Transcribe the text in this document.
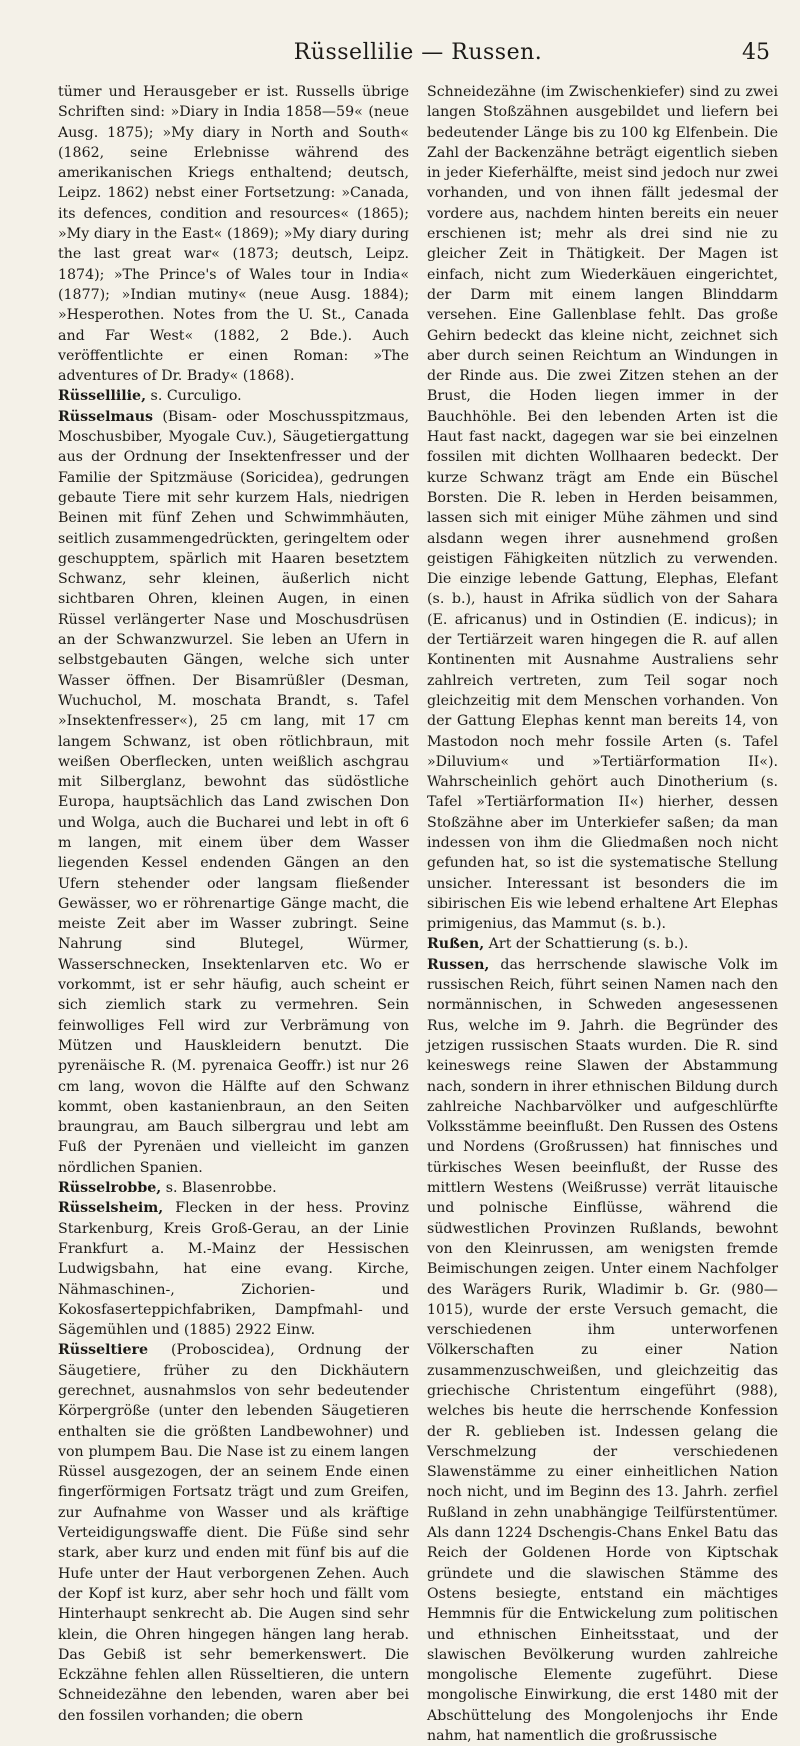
Rüssellilie — Russen.	45

tümer und Herausgeber er ist. Russells übrige Schriften sind: »Diary in India 1858—59« (neue Ausg. 1875); »My diary in North and South« (1862, seine Erlebnisse während des amerikanischen Kriegs enthaltend; deutsch, Leipz. 1862) nebst einer Fortsetzung: »Canada, its defences, condition and resources« (1865); »My diary in the East« (1869); »My diary during the last great war« (1873; deutsch, Leipz. 1874); »The Prince's of Wales tour in India« (1877); »Indian mutiny« (neue Ausg. 1884); »Hesperothen. Notes from the U. St., Canada and Far West« (1882, 2 Bde.). Auch veröffentlichte er einen Roman: »The adventures of Dr. Brady« (1868).

Rüssellilie, s. Curculigo.

Rüsselmaus (Bisam- oder Moschusspitzmaus, Moschusbiber, Myogale Cuv.), Säugetiergattung aus der Ordnung der Insektenfresser und der Familie der Spitzmäuse (Soricidea), gedrungen gebaute Tiere mit sehr kurzem Hals, niedrigen Beinen mit fünf Zehen und Schwimmhäuten, seitlich zusammengedrückten, geringeltem oder geschupptem, spärlich mit Haaren besetztem Schwanz, sehr kleinen, äußerlich nicht sichtbaren Ohren, kleinen Augen, in einen Rüssel verlängerter Nase und Moschusdrüsen an der Schwanzwurzel. Sie leben an Ufern in selbstgebauten Gängen, welche sich unter Wasser öffnen. Der Bisamrüßler (Desman, Wuchuchol, M. moschata Brandt, s. Tafel »Insektenfresser«), 25 cm lang, mit 17 cm langem Schwanz, ist oben rötlichbraun, mit weißen Oberflecken, unten weißlich aschgrau mit Silberglanz, bewohnt das südöstliche Europa, hauptsächlich das Land zwischen Don und Wolga, auch die Bucharei und lebt in oft 6 m langen, mit einem über dem Wasser liegenden Kessel endenden Gängen an den Ufern stehender oder langsam fließender Gewässer, wo er röhrenartige Gänge macht, die meiste Zeit aber im Wasser zubringt. Seine Nahrung sind Blutegel, Würmer, Wasserschnecken, Insektenlarven etc. Wo er vorkommt, ist er sehr häufig, auch scheint er sich ziemlich stark zu vermehren. Sein feinwolliges Fell wird zur Verbrämung von Mützen und Hauskleidern benutzt. Die pyrenäische R. (M. pyrenaica Geoffr.) ist nur 26 cm lang, wovon die Hälfte auf den Schwanz kommt, oben kastanienbraun, an den Seiten braungrau, am Bauch silbergrau und lebt am Fuß der Pyrenäen und vielleicht im ganzen nördlichen Spanien.

Rüsselrobbe, s. Blasenrobbe.

Rüsselsheim, Flecken in der hess. Provinz Starkenburg, Kreis Groß-Gerau, an der Linie Frankfurt a. M.-Mainz der Hessischen Ludwigsbahn, hat eine evang. Kirche, Nähmaschinen-, Zichorien- und Kokosfaserteppichfabriken, Dampfmahl- und Sägemühlen und (1885) 2922 Einw.

Rüsseltiere (Proboscidea), Ordnung der Säugetiere, früher zu den Dickhäutern gerechnet, ausnahmslos von sehr bedeutender Körpergröße (unter den lebenden Säugetieren enthalten sie die größten Landbewohner) und von plumpem Bau. Die Nase ist zu einem langen Rüssel ausgezogen, der an seinem Ende einen fingerförmigen Fortsatz trägt und zum Greifen, zur Aufnahme von Wasser und als kräftige Verteidigungswaffe dient. Die Füße sind sehr stark, aber kurz und enden mit fünf bis auf die Hufe unter der Haut verborgenen Zehen. Auch der Kopf ist kurz, aber sehr hoch und fällt vom Hinterhaupt senkrecht ab. Die Augen sind sehr klein, die Ohren hingegen hängen lang herab. Das Gebiß ist sehr bemerkenswert. Die Eckzähne fehlen allen Rüsseltieren, die untern Schneidezähne den lebenden, waren aber bei den fossilen vorhanden; die obern

Schneidezähne (im Zwischenkiefer) sind zu zwei langen Stoßzähnen ausgebildet und liefern bei bedeutender Länge bis zu 100 kg Elfenbein. Die Zahl der Backenzähne beträgt eigentlich sieben in jeder Kieferhälfte, meist sind jedoch nur zwei vorhanden, und von ihnen fällt jedesmal der vordere aus, nachdem hinten bereits ein neuer erschienen ist; mehr als drei sind nie zu gleicher Zeit in Thätigkeit. Der Magen ist einfach, nicht zum Wiederkäuen eingerichtet, der Darm mit einem langen Blinddarm versehen. Eine Gallenblase fehlt. Das große Gehirn bedeckt das kleine nicht, zeichnet sich aber durch seinen Reichtum an Windungen in der Rinde aus. Die zwei Zitzen stehen an der Brust, die Hoden liegen immer in der Bauchhöhle. Bei den lebenden Arten ist die Haut fast nackt, dagegen war sie bei einzelnen fossilen mit dichten Wollhaaren bedeckt. Der kurze Schwanz trägt am Ende ein Büschel Borsten. Die R. leben in Herden beisammen, lassen sich mit einiger Mühe zähmen und sind alsdann wegen ihrer ausnehmend großen geistigen Fähigkeiten nützlich zu verwenden. Die einzige lebende Gattung, Elephas, Elefant (s. b.), haust in Afrika südlich von der Sahara (E. africanus) und in Ostindien (E. indicus); in der Tertiärzeit waren hingegen die R. auf allen Kontinenten mit Ausnahme Australiens sehr zahlreich vertreten, zum Teil sogar noch gleichzeitig mit dem Menschen vorhanden. Von der Gattung Elephas kennt man bereits 14, von Mastodon noch mehr fossile Arten (s. Tafel »Diluvium« und »Tertiärformation II«). Wahrscheinlich gehört auch Dinotherium (s. Tafel »Tertiärformation II«) hierher, dessen Stoßzähne aber im Unterkiefer saßen; da man indessen von ihm die Gliedmaßen noch nicht gefunden hat, so ist die systematische Stellung unsicher. Interessant ist besonders die im sibirischen Eis wie lebend erhaltene Art Elephas primigenius, das Mammut (s. b.).

Rußen, Art der Schattierung (s. b.).

Russen, das herrschende slawische Volk im russischen Reich, führt seinen Namen nach den normännischen, in Schweden angesessenen Rus, welche im 9. Jahrh. die Begründer des jetzigen russischen Staats wurden. Die R. sind keineswegs reine Slawen der Abstammung nach, sondern in ihrer ethnischen Bildung durch zahlreiche Nachbarvölker und aufgeschlürfte Volksstämme beeinflußt. Den Russen des Ostens und Nordens (Großrussen) hat finnisches und türkisches Wesen beeinflußt, der Russe des mittlern Westens (Weißrusse) verrät litauische und polnische Einflüsse, während die südwestlichen Provinzen Rußlands, bewohnt von den Kleinrussen, am wenigsten fremde Beimischungen zeigen. Unter einem Nachfolger des Warägers Rurik, Wladimir b. Gr. (980—1015), wurde der erste Versuch gemacht, die verschiedenen ihm unterworfenen Völkerschaften zu einer Nation zusammenzuschweißen, und gleichzeitig das griechische Christentum eingeführt (988), welches bis heute die herrschende Konfession der R. geblieben ist. Indessen gelang die Verschmelzung der verschiedenen Slawenstämme zu einer einheitlichen Nation noch nicht, und im Beginn des 13. Jahrh. zerfiel Rußland in zehn unabhängige Teilfürstentümer. Als dann 1224 Dschengis-Chans Enkel Batu das Reich der Goldenen Horde von Kiptschak gründete und die slawischen Stämme des Ostens besiegte, entstand ein mächtiges Hemmnis für die Entwickelung zum politischen und ethnischen Einheitsstaat, und der slawischen Bevölkerung wurden zahlreiche mongolische Elemente zugeführt. Diese mongolische Einwirkung, die erst 1480 mit der Abschüttelung des Mongolenjochs ihr Ende nahm, hat namentlich die großrussische
